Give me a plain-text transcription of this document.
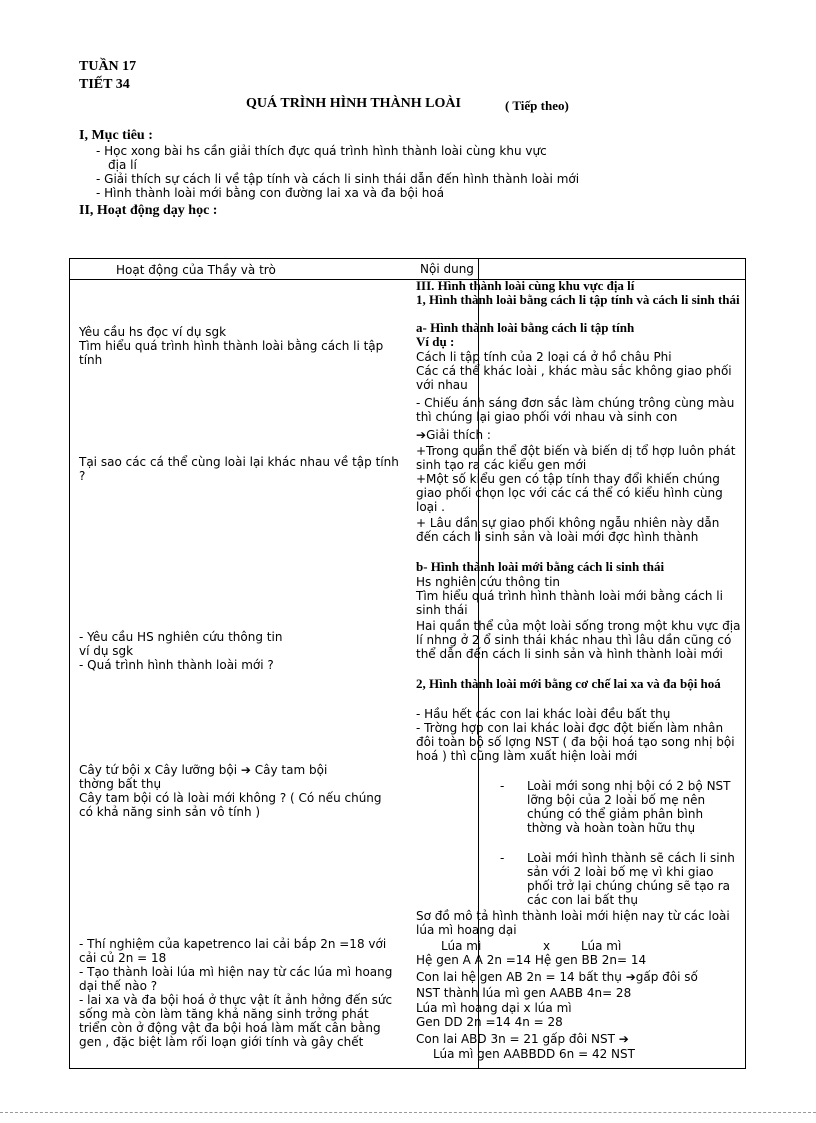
TUẦN 17
TIẾT 34
QUÁ TRÌNH HÌNH THÀNH LOÀI	( Tiếp theo)
I, Mục tiêu :
- Học xong bài hs cần giải thích đực quá trình hình thành loài cùng khu vực
địa lí
- Giải thích sự cách li về tập tính và cách li sinh thái dẫn đến hình thành loài mới
- Hình thành loài mới bằng con đường lai xa và đa bội hoá
II, Hoạt động dạy học :
Hoạt động của Thầy và trò	Nội dung
Yêu cầu hs đọc ví dụ sgk
Tìm hiểu quá trình hình thành loài bằng cách li tập tính
Tại sao các cá thể cùng loài lại khác nhau về tập tính ?
- Yêu cầu HS nghiên cứu thông tin
ví dụ sgk
- Quá trình hình thành loài mới ?
Cây tứ bội x Cây lưỡng bội ➔ Cây tam bội
thờng bất thụ
Cây tam bội có là loài mới không ? ( Có nếu chúng có khả năng sinh sản vô tính )
- Thí nghiệm của kapetrenco lai cải bắp 2n =18 với cải củ 2n = 18
- Tạo thành loài lúa mì hiện nay từ các lúa mì hoang dại thế nào ?
- lai xa và đa bội hoá ở thực vật ít ảnh hởng đến sức sống mà còn làm tăng khả năng sinh trởng phát triển còn ở động vật đa bội hoá làm mất cân bằng gen , đặc biệt làm rối loạn giới tính và gây chết
III. Hình thành loài cùng khu vực địa lí
1, Hình thành loài bằng cách li tập tính và cách li sinh thái
a- Hình thành loài bằng cách li tập tính
Ví dụ :
Cách li tập tính của 2 loại cá ở hồ châu Phi
Các cá thể khác loài , khác màu sắc không giao phối với nhau
- Chiếu ánh sáng đơn sắc làm chúng trông cùng màu thì chúng lại giao phối với nhau và sinh con
➔Giải thích :
+Trong quần thể đột biến và biến dị tổ hợp luôn phát sinh tạo ra các kiểu gen mới
+Một số kiểu gen có tập tính thay đổi khiến chúng giao phối chọn lọc với các cá thể có kiểu hình cùng loại .
+ Lâu dần sự giao phối không ngẫu nhiên này dẫn đến cách li sinh sản và loài mới đợc hình thành
b- Hình thành loài mới bằng cách li sinh thái
Hs nghiên cứu thông tin
Tìm hiểu quá trình hình thành loài mới bằng cách li sinh thái
Hai quần thể của một loài sống trong một khu vực địa lí nhng ở 2 ổ sinh thái khác nhau thì lâu dần cũng có thể dẫn đến cách li sinh sản và hình thành loài mới
2, Hình thành loài mới bằng cơ chế lai xa và đa bội hoá
- Hầu hết các con lai khác loài đều bất thụ
- Trờng hợp con lai khác loài đợc đột biến làm nhân đôi toàn bộ số lợng NST ( đa bội hoá tạo song nhị bội hoá ) thì cũng làm xuất hiện loài mới
- Loài mới song nhị bội có 2 bộ NST lỡng bội của 2 loài bố mẹ nên chúng có thể giảm phân bình thờng và hoàn toàn hữu thụ
- Loài mới hình thành sẽ cách li sinh sản với 2 loài bố mẹ vì khi giao phối trở lại chúng chúng sẽ tạo ra các con lai bất thụ
Sơ đồ mô tả hình thành loài mới hiện nay từ các loài lúa mì hoang dại
Lúa mì	x	Lúa mì
Hệ gen A A 2n =14 Hệ gen BB 2n= 14
Con lai hệ gen AB 2n = 14 bất thụ ➔gấp đôi số
NST thành lúa mì gen AABB 4n= 28
Lúa mì hoang dại x lúa mì
Gen DD 2n =14 4n = 28
Con lai ABD 3n = 21 gấp đôi NST ➔
Lúa mì gen AABBDD 6n = 42 NST
